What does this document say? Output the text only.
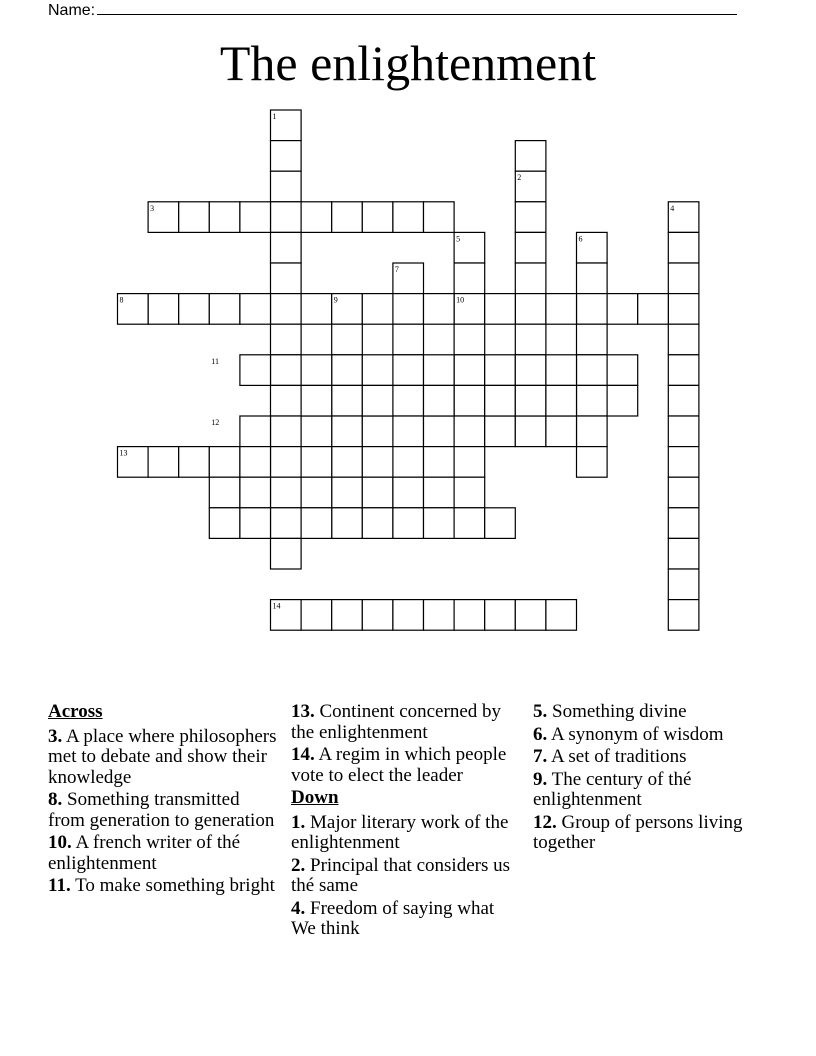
Name:
The enlightenment
1
2
3	4
5	6
7
8	9	10
11
12
13
14
Across
3. A place where philosophers met to debate and show their knowledge
8. Something transmitted from generation to generation
10. A french writer of thé enlightenment
11. To make something bright
13. Continent concerned by the enlightenment
14. A regim in which people vote to elect the leader
Down
1. Major literary work of the enlightenment
2. Principal that considers us thé same
4. Freedom of saying what We think
5. Something divine
6. A synonym of wisdom
7. A set of traditions
9. The century of thé enlightenment
12. Group of persons living together
